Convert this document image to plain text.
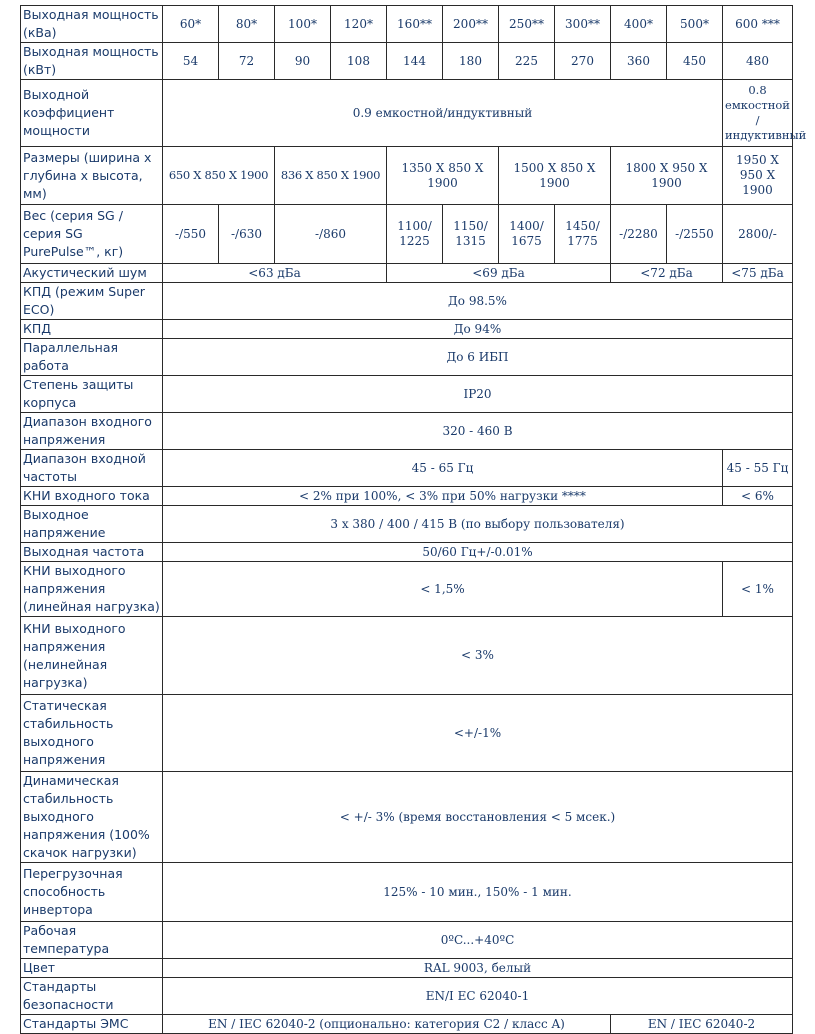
Выходная мощность (кВа)	60*	80*	100*	120*	160**	200**	250**	300**	400*	500*	600 ***
Выходная мощность (кВт)	54	72	90	108	144	180	225	270	360	450	480
Выходной коэффициент мощности	0.9 емкостной/индуктивный										0.8 емкостной /индуктивный
Размеры (ширина х глубина х высота, мм)	650 X 850 X 1900		836 X 850 X 1900		1350 X 850 X 1900		1500 X 850 X 1900		1800 X 950 X 1900		1950 X 950 X 1900
Вес (серия SG / серия SG PurePulse™, кг)	-/550	-/630	-/860		1100/ 1225	1150/ 1315	1400/ 1675	1450/ 1775	-/2280	-/2550	2800/-
Акустический шум	<63 дБа				<69 дБа				<72 дБа		<75 дБа
КПД (режим Super ECO)	До 98.5%										
КПД	До 94%										
Параллельная работа	До 6 ИБП										
Степень защиты корпуса	IP20										
Диапазон входного напряжения	320 - 460 В										
Диапазон входной частоты	45 - 65 Гц										45 - 55 Гц
КНИ входного тока	< 2% при 100%, < 3% при 50% нагрузки ****										< 6%
Выходное напряжение	3 x 380 / 400 / 415 В (по выбору пользователя)										
Выходная частота	50/60 Гц+/-0.01%										
КНИ выходного напряжения (линейная нагрузка)	< 1,5%										< 1%
КНИ выходного напряжения (нелинейная нагрузка)	< 3%										
Статическая стабильность выходного напряжения	<+/-1%										
Динамическая стабильность выходного напряжения (100% скачок нагрузки)	< +/- 3% (время восстановления < 5 мсек.)										
Перегрузочная способность инвертора	125% - 10 мин., 150% - 1 мин.										
Рабочая температура	0ºC...+40ºC										
Цвет	RAL 9003, белый										
Стандарты безопасности	EN/I EC 62040-1										
Стандарты ЭМС	EN / IEC 62040-2 (опционально: категория C2 / класс A)								EN / IEC 62040-2		
